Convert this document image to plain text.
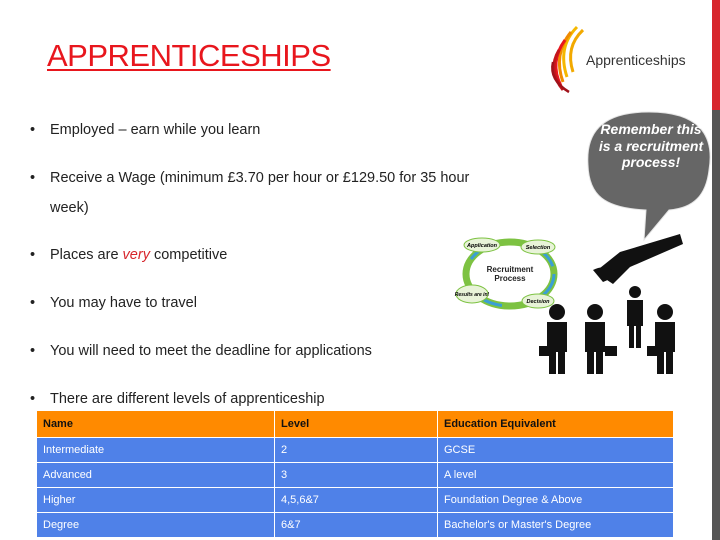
APPRENTICESHIPS	Apprenticeships
• Employed – earn while you learn
• Receive a Wage (minimum £3.70 per hour or £129.50 for 35 hour
week)
• Places are very competitive
• You may have to travel
• You will need to meet the deadline for applications
• There are different levels of apprenticeship
Remember this is a recruitment process!
Application	Selection
Decision
Results are in!
Recruitment
Process
Name	Level	Education Equivalent
Intermediate	2	GCSE
Advanced	3	A level
Higher	4,5,6&7	Foundation Degree & Above
Degree	6&7	Bachelor's or Master's Degree
